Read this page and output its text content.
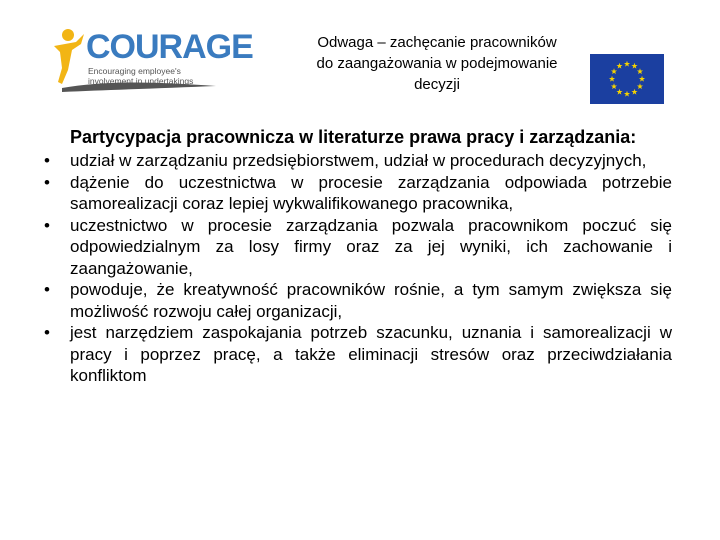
COURAGE
Encouraging employee's
involvement in undertakings
Odwaga – zachęcanie pracowników
do zaangażowania w podejmowanie
decyzji
Partycypacja pracownicza w literaturze prawa pracy i zarządzania:
• udział w zarządzaniu przedsiębiorstwem, udział w procedurach decyzyjnych,
• dążenie do uczestnictwa w procesie zarządzania odpowiada potrzebie samorealizacji coraz lepiej wykwalifikowanego pracownika,
• uczestnictwo w procesie zarządzania pozwala pracownikom poczuć się odpowiedzialnym za losy firmy oraz za jej wyniki, ich zachowanie i zaangażowanie,
• powoduje, że kreatywność pracowników rośnie, a tym samym zwiększa się możliwość rozwoju całej organizacji,
• jest narzędziem zaspokajania potrzeb szacunku, uznania i samorealizacji w pracy i poprzez pracę, a także eliminacji stresów oraz przeciwdziałania konfliktom
